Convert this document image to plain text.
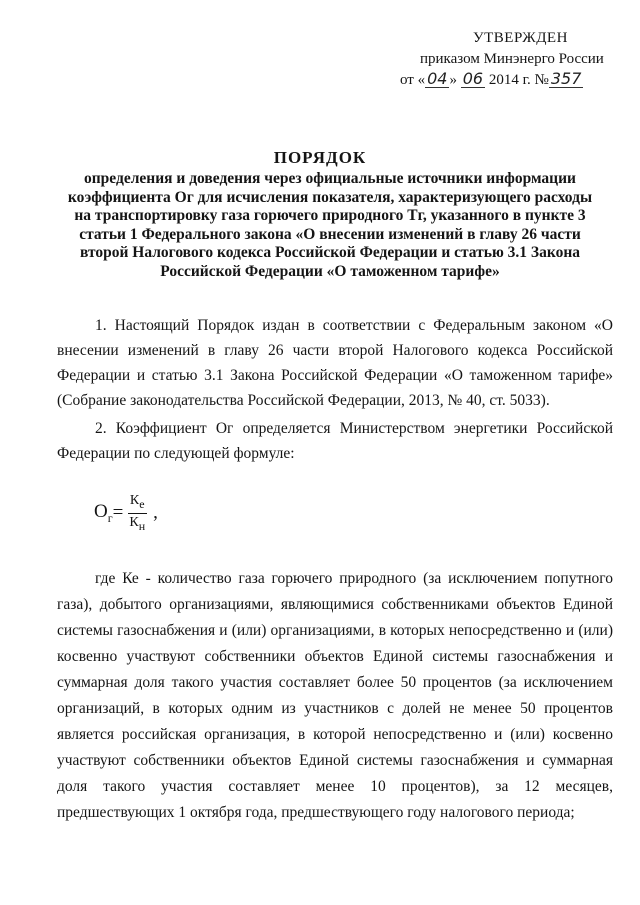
УТВЕРЖДЕН
приказом Минэнерго России
от « 04 » 06 2014 г. № 357
ПОРЯДОК
определения и доведения через официальные источники информации коэффициента Ог для исчисления показателя, характеризующего расходы на транспортировку газа горючего природного Тг, указанного в пункте 3 статьи 1 Федерального закона «О внесении изменений в главу 26 части второй Налогового кодекса Российской Федерации и статью 3.1 Закона Российской Федерации «О таможенном тарифе»
1. Настоящий Порядок издан в соответствии с Федеральным законом «О внесении изменений в главу 26 части второй Налогового кодекса Российской Федерации и статью 3.1 Закона Российской Федерации «О таможенном тарифе» (Собрание законодательства Российской Федерации, 2013, № 40, ст. 5033).
2. Коэффициент Ог определяется Министерством энергетики Российской Федерации по следующей формуле:
$О_г = \frac{К_е}{К_н}$ ,
где Ке - количество газа горючего природного (за исключением попутного газа), добытого организациями, являющимися собственниками объектов Единой системы газоснабжения и (или) организациями, в которых непосредственно и (или) косвенно участвуют собственники объектов Единой системы газоснабжения и суммарная доля такого участия составляет более 50 процентов (за исключением организаций, в которых одним из участников с долей не менее 50 процентов является российская организация, в которой непосредственно и (или) косвенно участвуют собственники объектов Единой системы газоснабжения и суммарная доля такого участия составляет менее 10 процентов), за 12 месяцев, предшествующих 1 октября года, предшествующего году налогового периода;
